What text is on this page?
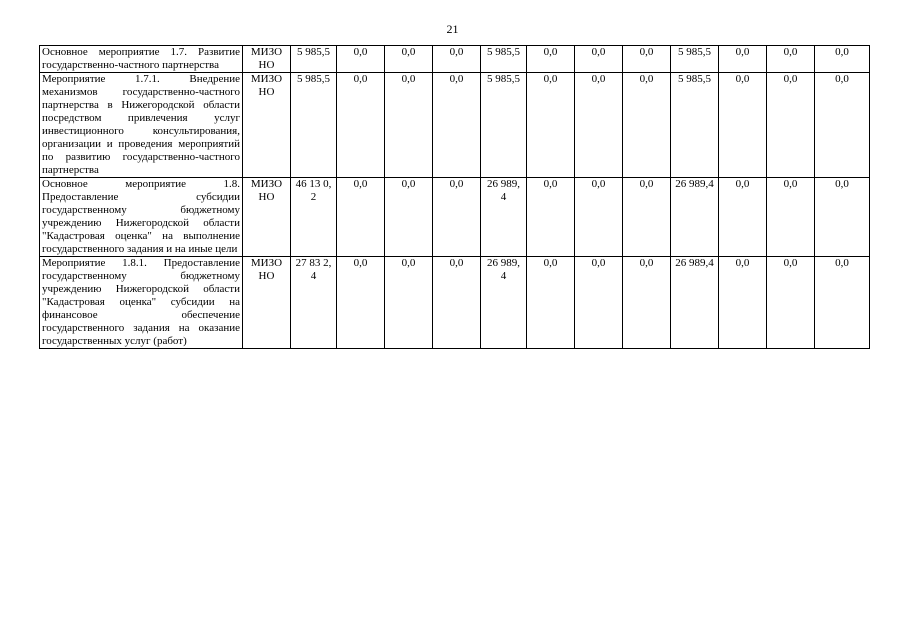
21
Основное мероприятие 1.7. Развитие государственно-частного партнерства	МИЗО НО	5 985,5	0,0	0,0	0,0	5 985,5	0,0	0,0	0,0	5 985,5	0,0	0,0	0,0
Мероприятие 1.7.1. Внедрение механизмов государственно-частного партнерства в Нижегородской области посредством привлечения услуг инвестиционного консультирования, организации и проведения мероприятий по развитию государственно-частного партнерства	МИЗО НО	5 985,5	0,0	0,0	0,0	5 985,5	0,0	0,0	0,0	5 985,5	0,0	0,0	0,0
Основное мероприятие 1.8. Предоставление субсидии государственному бюджетному учреждению Нижегородской области "Кадастровая оценка" на выполнение государственного задания и на иные цели	МИЗО НО	46 13 0,2	0,0	0,0	0,0	26 989,4	0,0	0,0	0,0	26 989,4	0,0	0,0	0,0
Мероприятие 1.8.1. Предоставление государственному бюджетному учреждению Нижегородской области "Кадастровая оценка" субсидии на финансовое обеспечение государственного задания на оказание государственных услуг (работ)	МИЗО НО	27 83 2,4	0,0	0,0	0,0	26 989,4	0,0	0,0	0,0	26 989,4	0,0	0,0	0,0
